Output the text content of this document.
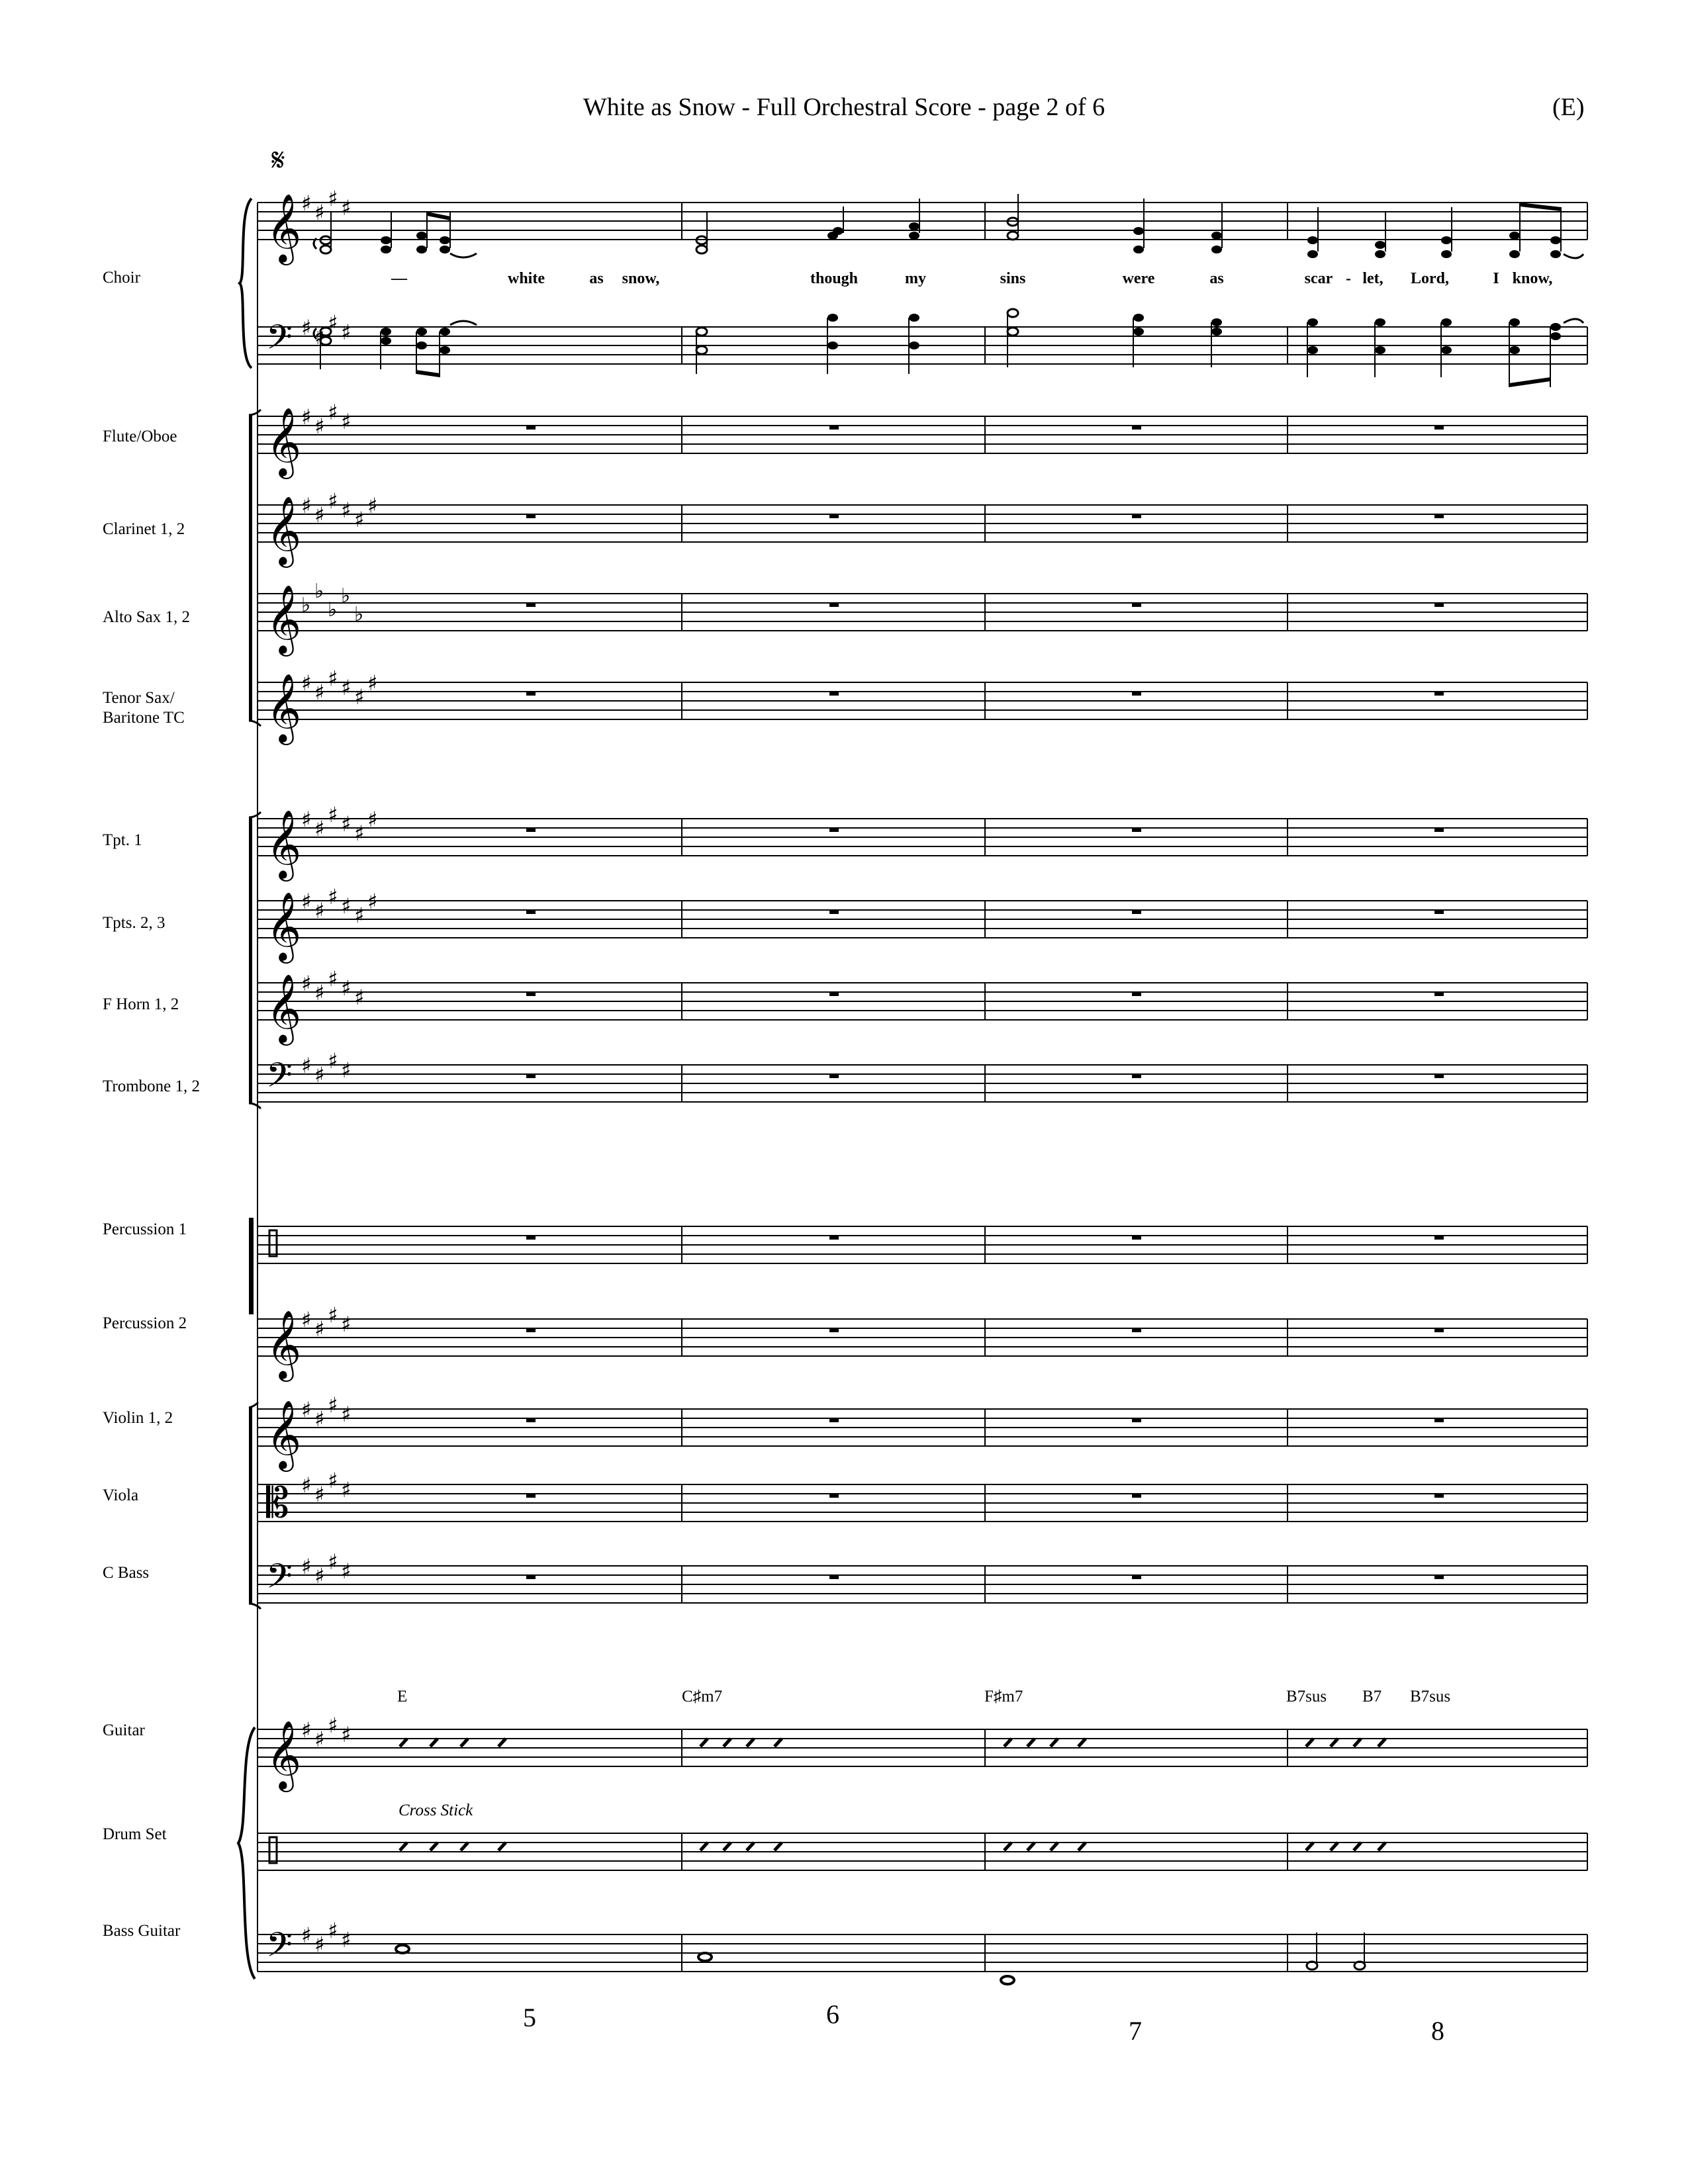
White as Snow - Full Orchestral Score - page 2 of 6	(E)
𝄋
Choir
Flute/Oboe
Clarinet 1, 2
Alto Sax 1, 2
Tenor Sax/
Baritone TC
Tpt. 1
Tpts. 2, 3
F Horn 1, 2
Trombone 1, 2
Percussion 1
Percussion 2
Violin 1, 2
Viola
C Bass
Guitar
Drum Set
Bass Guitar
—	white	as snow,	though	my	sins	were	as	scar - let, Lord,	I know,
E	C♯m7	F♯m7	B7sus B7 B7sus
Cross Stick
5	6
7	8
𝄞
𝄞
𝄞
𝄞
𝄞
𝄞
𝄞
𝄞
𝄞
𝄞
𝄞
𝄢
𝄢
𝄢
𝄢
𝄡
♯ ♯
♯ ♯
♯ ♯
♯ ♯
♯ ♯
♯ ♯
♯ ♯
♯ ♯ ♯
♯
♯ ♯
♯ ♯ ♯
♯
♯ ♯
♯ ♯ ♯
♯
♯ ♯
♯ ♯ ♯
♯
♯ ♯
♯ ♯ ♯
♯ ♯
♯ ♯
♯ ♯
♯ ♯
♯ ♯
♯ ♯
♯ ♯
♯ ♯
♯ ♯
♯ ♯
♯ ♯
♯ ♯
♯ ♯
♯ ♯
♭
♭
♭
♭
♭
